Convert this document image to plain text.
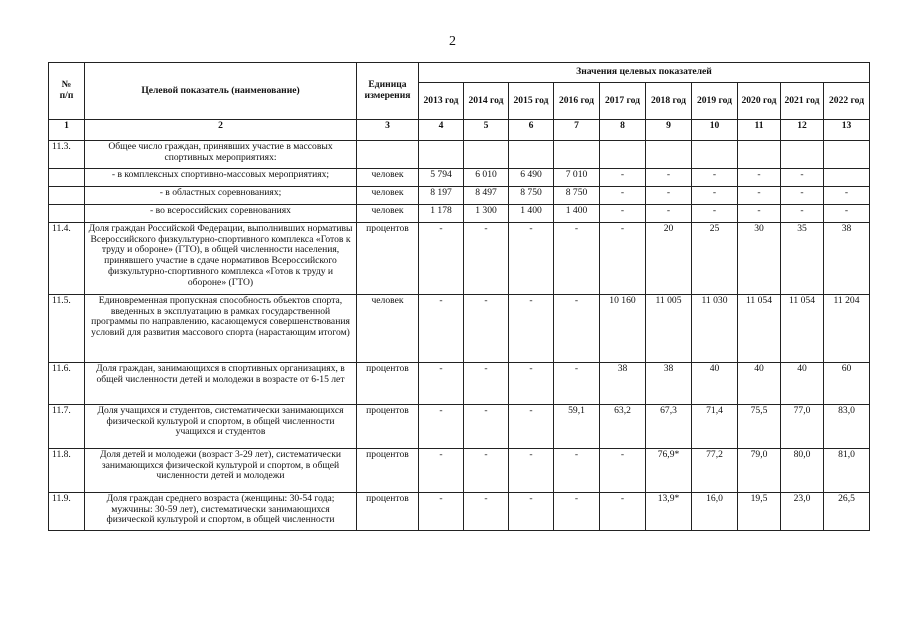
2
№
п/п	Целевой показатель (наименование)	Единица измерения	Значения целевых показателей									
			2013 год	2014 год	2015 год	2016 год	2017 год	2018 год	2019 год	2020 год	2021 год	2022 год
1	2	3	4	5	6	7	8	9	10	11	12	13
11.3.	Общее число граждан, принявших участие в массовых спортивных мероприятиях:											
	- в комплексных спортивно-массовых мероприятиях;	человек	5 794	6 010	6 490	7 010	-	-	-	-	-	
	- в областных соревнованиях;	человек	8 197	8 497	8 750	8 750	-	-	-	-	-	-
	- во всероссийских соревнованиях	человек	1 178	1 300	1 400	1 400	-	-	-	-	-	-
11.4.	Доля граждан Российской Федерации, выполнивших нормативы Всероссийского физкультурно-спортивного комплекса «Готов к труду и обороне» (ГТО), в общей численности населения, принявшего участие в сдаче нормативов Всероссийского физкультурно-спортивного комплекса «Готов к труду и обороне» (ГТО)	процентов	-	-	-	-	-	20	25	30	35	38
11.5.	Единовременная пропускная способность объектов спорта, введенных в эксплуатацию в рамках государственной программы по направлению, касающемуся совершенствования условий для развития массового спорта (нарастающим итогом)	человек	-	-	-	-	10 160	11 005	11 030	11 054	11 054	11 204
11.6.	Доля граждан, занимающихся в спортивных организациях, в общей численности детей и молодежи в возрасте от 6-15 лет	процентов	-	-	-	-	38	38	40	40	40	60
11.7.	Доля учащихся и студентов, систематически занимающихся физической культурой и спортом, в общей численности учащихся и студентов	процентов	-	-	-	59,1	63,2	67,3	71,4	75,5	77,0	83,0
11.8.	Доля детей и молодежи (возраст 3-29 лет), систематически занимающихся физической культурой и спортом, в общей численности детей и молодежи	процентов	-	-	-	-	-	76,9*	77,2	79,0	80,0	81,0
11.9.	Доля граждан среднего возраста (женщины: 30-54 года; мужчины: 30-59 лет), систематически занимающихся физической культурой и спортом, в общей численности	процентов	-	-	-	-	-	13,9*	16,0	19,5	23,0	26,5
